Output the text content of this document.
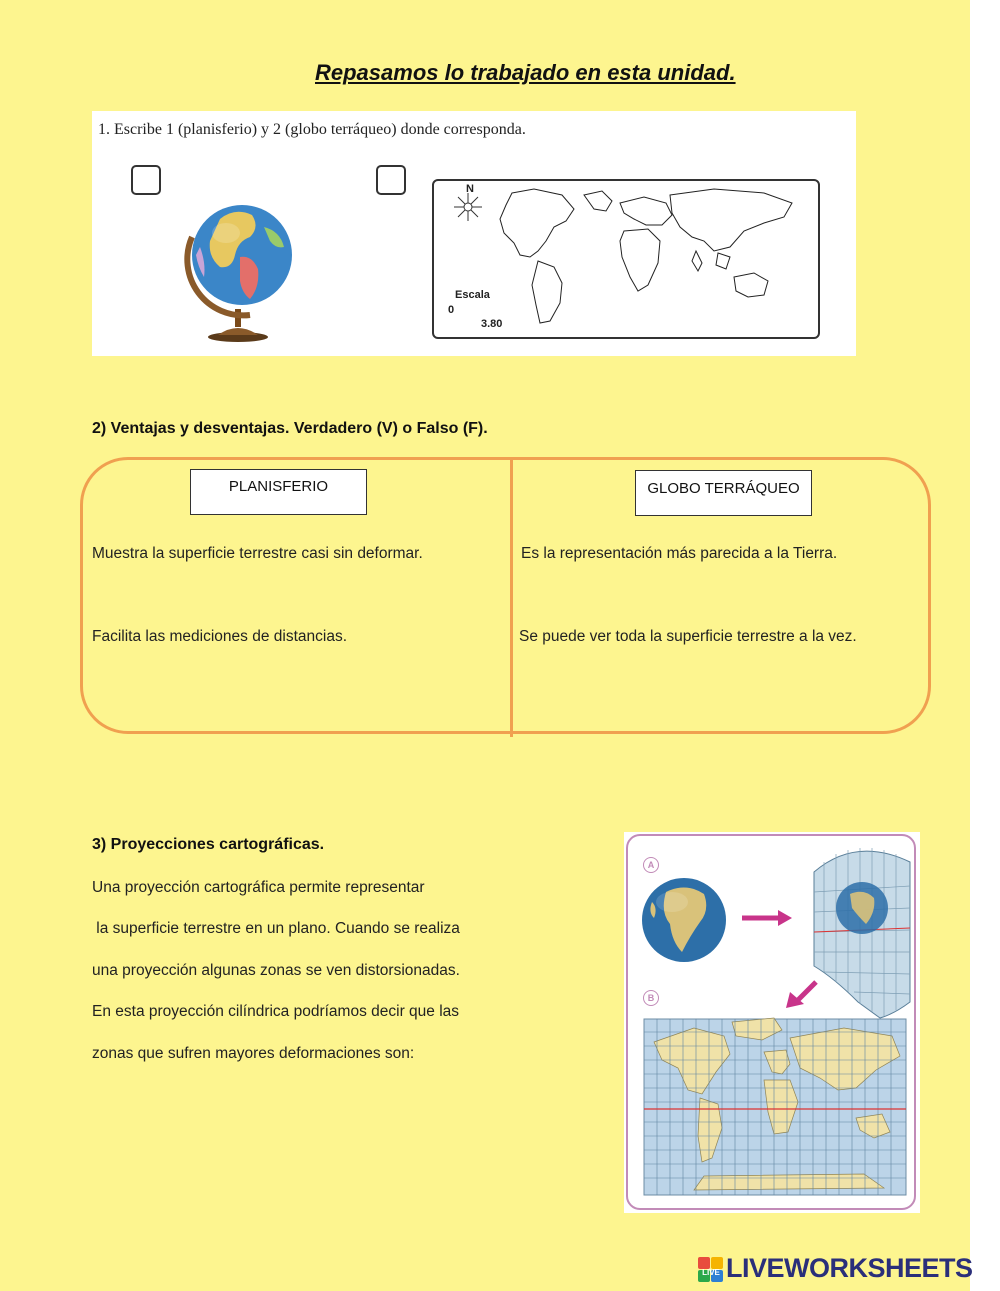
Repasamos lo trabajado en esta unidad.
1. Escribe 1 (planisferio) y 2 (globo terráqueo) donde corresponda.
N
Escala
0
3.80
2) Ventajas y desventajas. Verdadero (V) o Falso (F).
PLANISFERIO	GLOBO TERRÁQUEO
Muestra la superficie terrestre casi sin deformar.
Facilita las mediciones de distancias.
Es la representación más parecida a la Tierra.
Se puede ver toda la superficie terrestre a la vez.
3) Proyecciones cartográficas.
Una proyección cartográfica permite representar
la superficie terrestre en un plano. Cuando se realiza
una proyección algunas zonas se ven distorsionadas.
En esta proyección cilíndrica podríamos decir que las
zonas que sufren mayores deformaciones son:
A
B
LIVE LIVEWORKSHEETS
